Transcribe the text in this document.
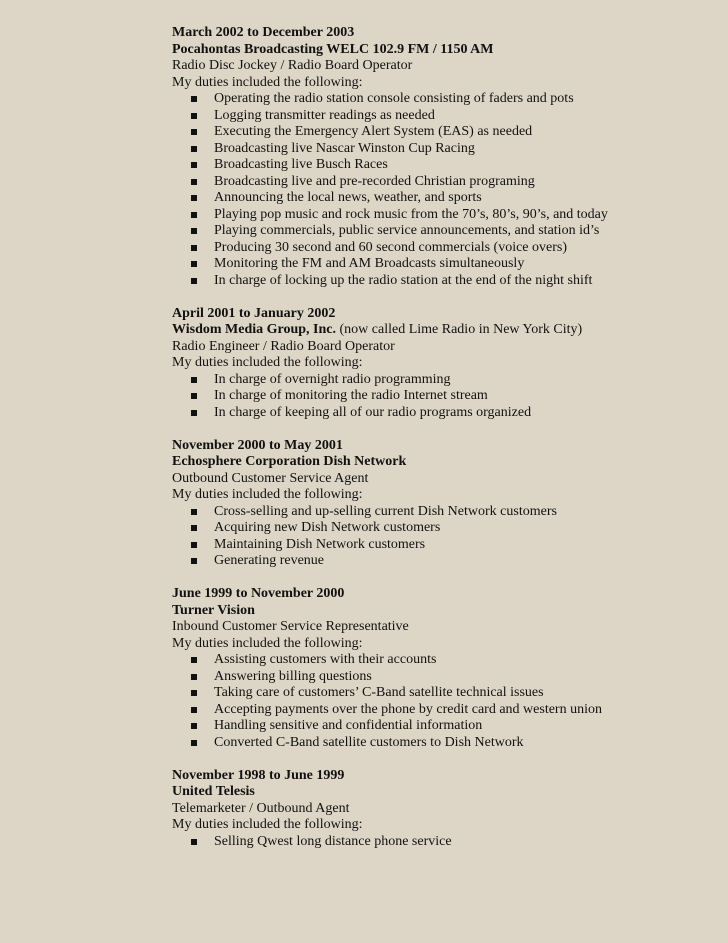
March 2002 to December 2003
Pocahontas Broadcasting WELC 102.9 FM / 1150 AM
Radio Disc Jockey / Radio Board Operator
My duties included the following:
Operating the radio station console consisting of faders and pots
Logging transmitter readings as needed
Executing the Emergency Alert System (EAS) as needed
Broadcasting live Nascar Winston Cup Racing
Broadcasting live Busch Races
Broadcasting live and pre-recorded Christian programing
Announcing the local news, weather, and sports
Playing pop music and rock music from the 70’s, 80’s, 90’s, and today
Playing commercials, public service announcements, and station id’s
Producing 30 second and 60 second commercials (voice overs)
Monitoring the FM and AM Broadcasts simultaneously
In charge of locking up the radio station at the end of the night shift
April 2001 to January 2002
Wisdom Media Group, Inc. (now called Lime Radio in New York City)
Radio Engineer / Radio Board Operator
My duties included the following:
In charge of overnight radio programming
In charge of monitoring the radio Internet stream
In charge of keeping all of our radio programs organized
November 2000 to May 2001
Echosphere Corporation Dish Network
Outbound Customer Service Agent
My duties included the following:
Cross-selling and up-selling current Dish Network customers
Acquiring new Dish Network customers
Maintaining Dish Network customers
Generating revenue
June 1999 to November 2000
Turner Vision
Inbound Customer Service Representative
My duties included the following:
Assisting customers with their accounts
Answering billing questions
Taking care of customers’ C-Band satellite technical issues
Accepting payments over the phone by credit card and western union
Handling sensitive and confidential information
Converted C-Band satellite customers to Dish Network
November 1998 to June 1999
United Telesis
Telemarketer / Outbound Agent
My duties included the following:
Selling Qwest long distance phone service
